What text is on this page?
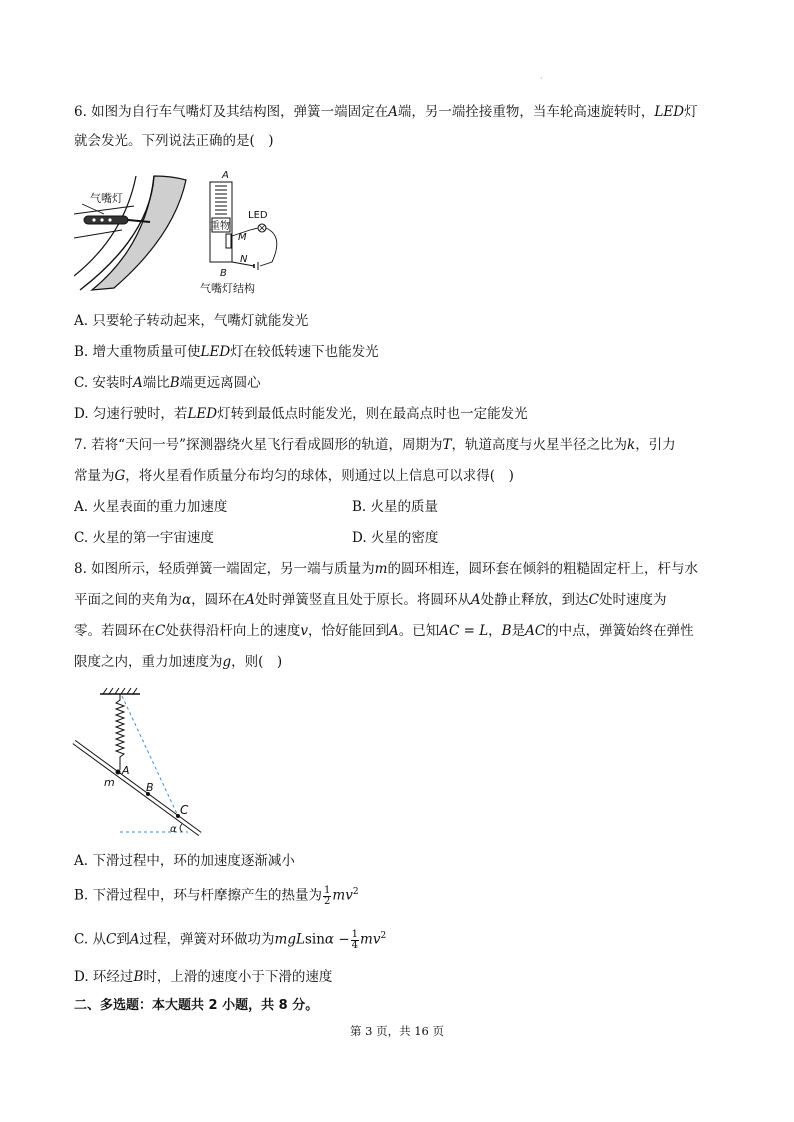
·
6. 如图为自行车气嘴灯及其结构图，弹簧一端固定在A端，另一端拴接重物，当车轮高速旋转时，LED灯
就会发光。下列说法正确的是(　)
气嘴灯
A
重物
M
N
B
LED
气嘴灯结构
A. 只要轮子转动起来，气嘴灯就能发光
B. 增大重物质量可使LED灯在较低转速下也能发光
C. 安装时A端比B端更远离圆心
D. 匀速行驶时，若LED灯转到最低点时能发光，则在最高点时也一定能发光
7. 若将“天问一号”探测器绕火星飞行看成圆形的轨道，周期为T，轨道高度与火星半径之比为k，引力
常量为G，将火星看作质量分布均匀的球体，则通过以上信息可以求得(　)
A. 火星表面的重力加速度	B. 火星的质量
C. 火星的第一宇宙速度	D. 火星的密度
8. 如图所示，轻质弹簧一端固定，另一端与质量为m的圆环相连，圆环套在倾斜的粗糙固定杆上，杆与水
平面之间的夹角为α，圆环在A处时弹簧竖直且处于原长。将圆环从A处静止释放，到达C处时速度为
零。若圆环在C处获得沿杆向上的速度v，恰好能回到A。已知AC = L，B是AC的中点，弹簧始终在弹性
限度之内，重力加速度为g，则(　)
A
m	B
C
α
A. 下滑过程中，环的加速度逐渐减小
B. 下滑过程中，环与杆摩擦产生的热量为 $\frac{1}{2} mv^2$
C. 从C到A过程，弹簧对环做功为$mgLsin\alpha - \frac{1}{4} mv^2$
D. 环经过B时，上滑的速度小于下滑的速度
二、多选题：本大题共 2 小题，共 8 分。
第 3 页，共 16 页
